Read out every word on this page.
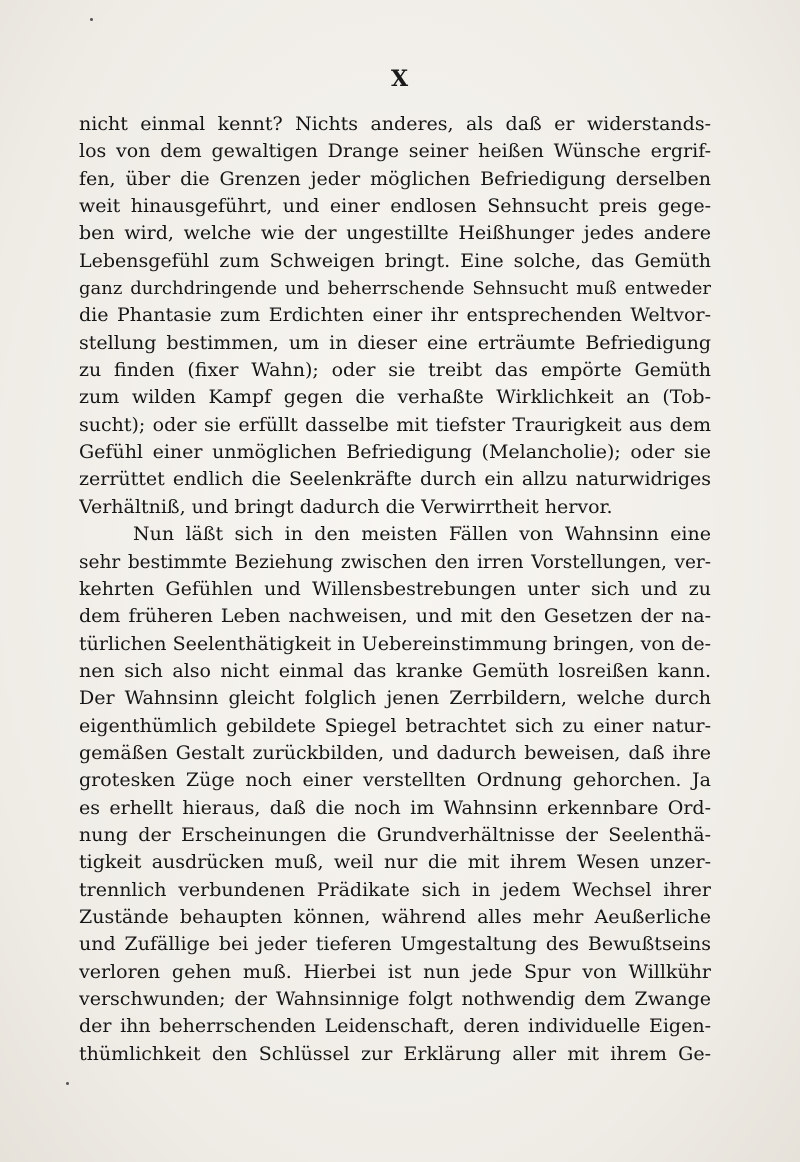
X
nicht einmal kennt? Nichts anderes, als daß er widerstands-
los von dem gewaltigen Drange seiner heißen Wünsche ergrif-
fen, über die Grenzen jeder möglichen Befriedigung derselben
weit hinausgeführt, und einer endlosen Sehnsucht preis gege-
ben wird, welche wie der ungestillte Heißhunger jedes andere
Lebensgefühl zum Schweigen bringt. Eine solche, das Gemüth
ganz durchdringende und beherrschende Sehnsucht muß entweder
die Phantasie zum Erdichten einer ihr entsprechenden Weltvor-
stellung bestimmen, um in dieser eine erträumte Befriedigung
zu finden (fixer Wahn); oder sie treibt das empörte Gemüth
zum wilden Kampf gegen die verhaßte Wirklichkeit an (Tob-
sucht); oder sie erfüllt dasselbe mit tiefster Traurigkeit aus dem
Gefühl einer unmöglichen Befriedigung (Melancholie); oder sie
zerrüttet endlich die Seelenkräfte durch ein allzu naturwidriges
Verhältniß, und bringt dadurch die Verwirrtheit hervor.
Nun läßt sich in den meisten Fällen von Wahnsinn eine
sehr bestimmte Beziehung zwischen den irren Vorstellungen, ver-
kehrten Gefühlen und Willensbestrebungen unter sich und zu
dem früheren Leben nachweisen, und mit den Gesetzen der na-
türlichen Seelenthätigkeit in Uebereinstimmung bringen, von de-
nen sich also nicht einmal das kranke Gemüth losreißen kann.
Der Wahnsinn gleicht folglich jenen Zerrbildern, welche durch
eigenthümlich gebildete Spiegel betrachtet sich zu einer natur-
gemäßen Gestalt zurückbilden, und dadurch beweisen, daß ihre
grotesken Züge noch einer verstellten Ordnung gehorchen. Ja
es erhellt hieraus, daß die noch im Wahnsinn erkennbare Ord-
nung der Erscheinungen die Grundverhältnisse der Seelenthä-
tigkeit ausdrücken muß, weil nur die mit ihrem Wesen unzer-
trennlich verbundenen Prädikate sich in jedem Wechsel ihrer
Zustände behaupten können, während alles mehr Aeußerliche
und Zufällige bei jeder tieferen Umgestaltung des Bewußtseins
verloren gehen muß. Hierbei ist nun jede Spur von Willkühr
verschwunden; der Wahnsinnige folgt nothwendig dem Zwange
der ihn beherrschenden Leidenschaft, deren individuelle Eigen-
thümlichkeit den Schlüssel zur Erklärung aller mit ihrem Ge-
